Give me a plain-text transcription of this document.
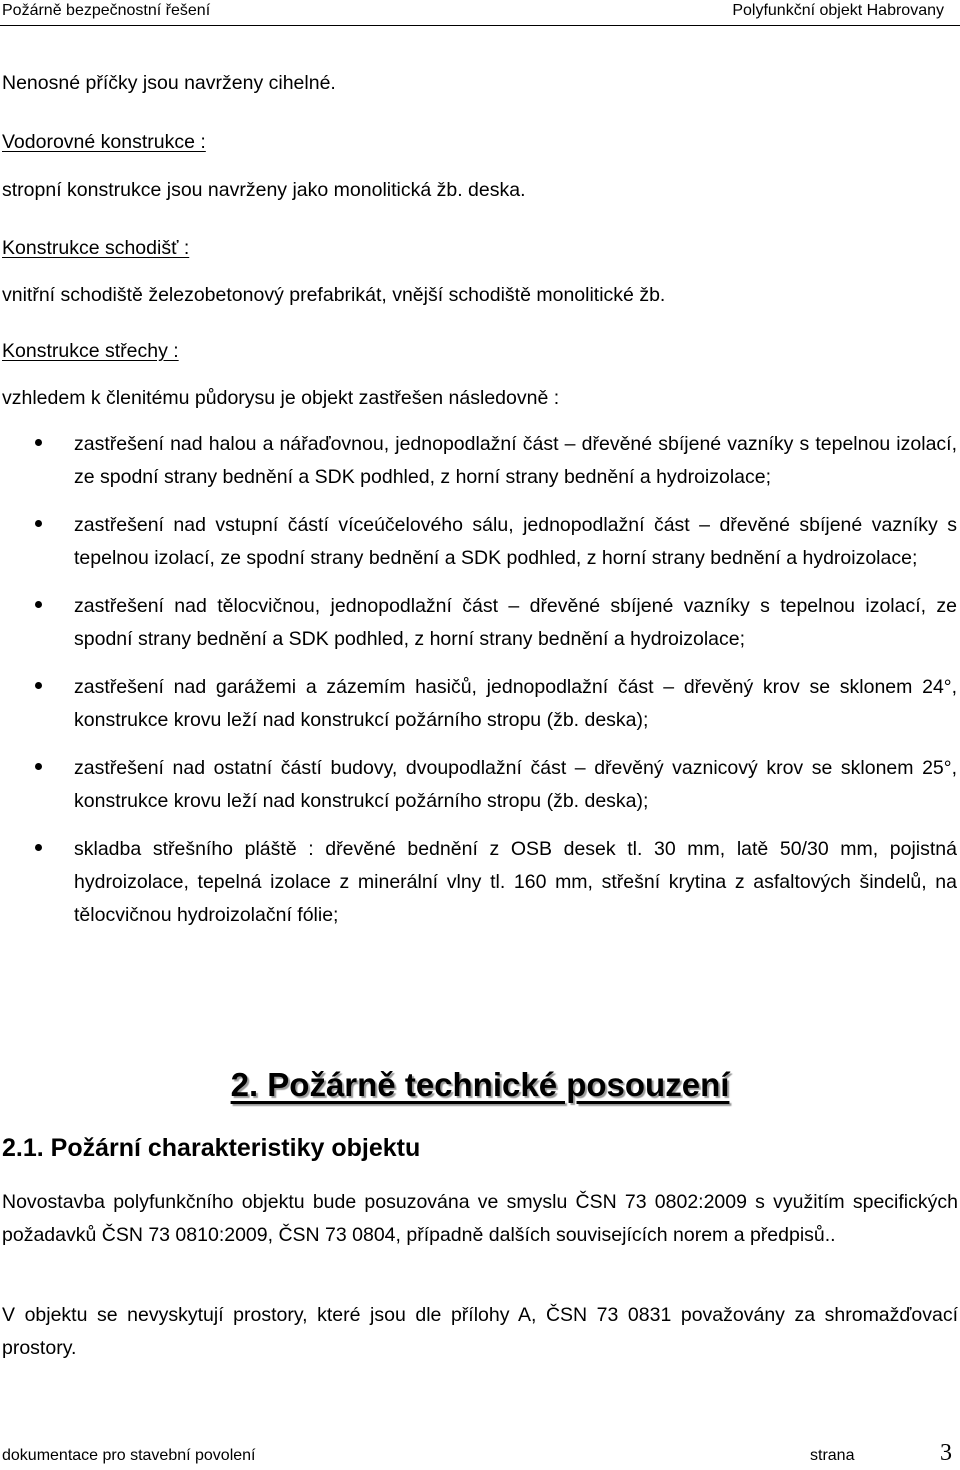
Požárně bezpečnostní řešení	Polyfunkční objekt Habrovany
Nenosné příčky jsou navrženy cihelné.
Vodorovné konstrukce :
stropní konstrukce jsou navrženy jako monolitická žb. deska.
Konstrukce schodišť :
vnitřní schodiště železobetonový prefabrikát, vnější schodiště monolitické žb.
Konstrukce střechy :
vzhledem k členitému půdorysu je objekt zastřešen následovně :
zastřešení nad halou a nářaďovnou, jednopodlažní část – dřevěné sbíjené vazníky s tepelnou izolací, ze spodní strany bednění a SDK podhled, z horní strany bednění a hydroizolace;
zastřešení nad vstupní částí víceúčelového sálu, jednopodlažní část – dřevěné sbíjené vazníky s tepelnou izolací, ze spodní strany bednění a SDK podhled, z horní strany bednění a hydroizolace;
zastřešení nad tělocvičnou, jednopodlažní část – dřevěné sbíjené vazníky s tepelnou izolací, ze spodní strany bednění a SDK podhled, z horní strany bednění a hydroizolace;
zastřešení nad garážemi a zázemím hasičů, jednopodlažní část – dřevěný krov se sklonem 24°, konstrukce krovu leží nad konstrukcí požárního stropu (žb. deska);
zastřešení nad ostatní částí budovy, dvoupodlažní část – dřevěný vaznicový krov se sklonem 25°, konstrukce krovu leží nad konstrukcí požárního stropu (žb. deska);
skladba střešního pláště : dřevěné bednění z OSB desek tl. 30 mm, latě 50/30 mm, pojistná hydroizolace, tepelná izolace z minerální vlny tl. 160 mm, střešní krytina z asfaltových šindelů, na tělocvičnou hydroizolační fólie;
2. Požárně technické posouzení
2.1. Požární charakteristiky objektu
Novostavba polyfunkčního objektu bude posuzována ve smyslu ČSN 73 0802:2009 s využitím specifických požadavků ČSN 73 0810:2009, ČSN 73 0804, případně dalších souvisejících norem a předpisů..
V objektu se nevyskytují prostory, které jsou dle přílohy A, ČSN 73 0831 považovány za shromažďovací prostory.
dokumentace pro stavební povolení	strana	3
